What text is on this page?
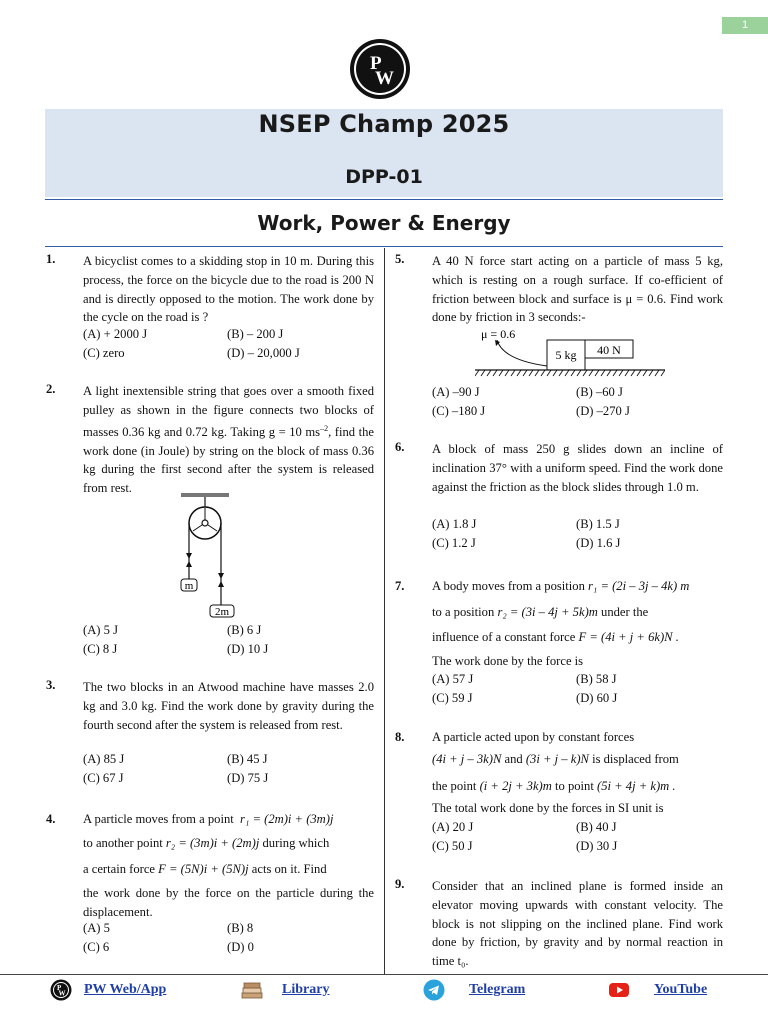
1
P
W
NSEP Champ 2025
DPP-01
Work, Power & Energy
1. A bicyclist comes to a skidding stop in 10 m. During this process, the force on the bicycle due to the road is 200 N and is directly opposed to the motion. The work done by the cycle on the road is ?
(A) + 2000 J	(B) – 200 J
(C) zero	(D) – 20,000 J
2. A light inextensible string that goes over a smooth fixed pulley as shown in the figure connects two blocks of masses 0.36 kg and 0.72 kg. Taking g = 10 $ms^{-2}$, find the work done (in Joule) by string on the block of mass 0.36 kg during the first second after the system is released from rest.
m
2m
(A) 5 J	(B) 6 J
(C) 8 J	(D) 10 J
3. The two blocks in an Atwood machine have masses 2.0 kg and 3.0 kg. Find the work done by gravity during the fourth second after the system is released from rest.
(A) 85 J	(B) 45 J
(C) 67 J	(D) 75 J
4. A particle moves from a point r₁ = (2m)i + (3m)j
to another point r₂ = (3m)i + (2m)j during which
a certain force F = (5N)i + (5N)j acts on it. Find
the work done by the force on the particle during the displacement.
(A) 5	(B) 8
(C) 6	(D) 0
5. A 40 N force start acting on a particle of mass 5 kg, which is resting on a rough surface. If co-efficient of friction between block and surface is μ = 0.6. Find work done by friction in 3 seconds:-
μ = 0.6
5 kg 40 N
(A) –90 J	(B) –60 J
(C) –180 J	(D) –270 J
6. A block of mass 250 g slides down an incline of inclination 37° with a uniform speed. Find the work done against the friction as the block slides through 1.0 m.
(A) 1.8 J	(B) 1.5 J
(C) 1.2 J	(D) 1.6 J
7. A body moves from a position r₁ = (2i – 3j – 4k) m
to a position r₂ = (3i – 4j + 5k)m under the
influence of a constant force F = (4i + j + 6k)N .
The work done by the force is
(A) 57 J	(B) 58 J
(C) 59 J	(D) 60 J
8. A particle acted upon by constant forces
(4i + j – 3k)N and (3i + j – k)N is displaced from
the point (i + 2j + 3k)m to point (5i + 4j + k)m .
The total work done by the forces in SI unit is
(A) 20 J	(B) 40 J
(C) 50 J	(D) 30 J
9. Consider that an inclined plane is formed inside an elevator moving upwards with constant velocity. The block is not slipping on the inclined plane. Find work done by friction, by gravity and by normal reaction in time t₀.
P
W PW Web/App	Library	Telegram	YouTube
